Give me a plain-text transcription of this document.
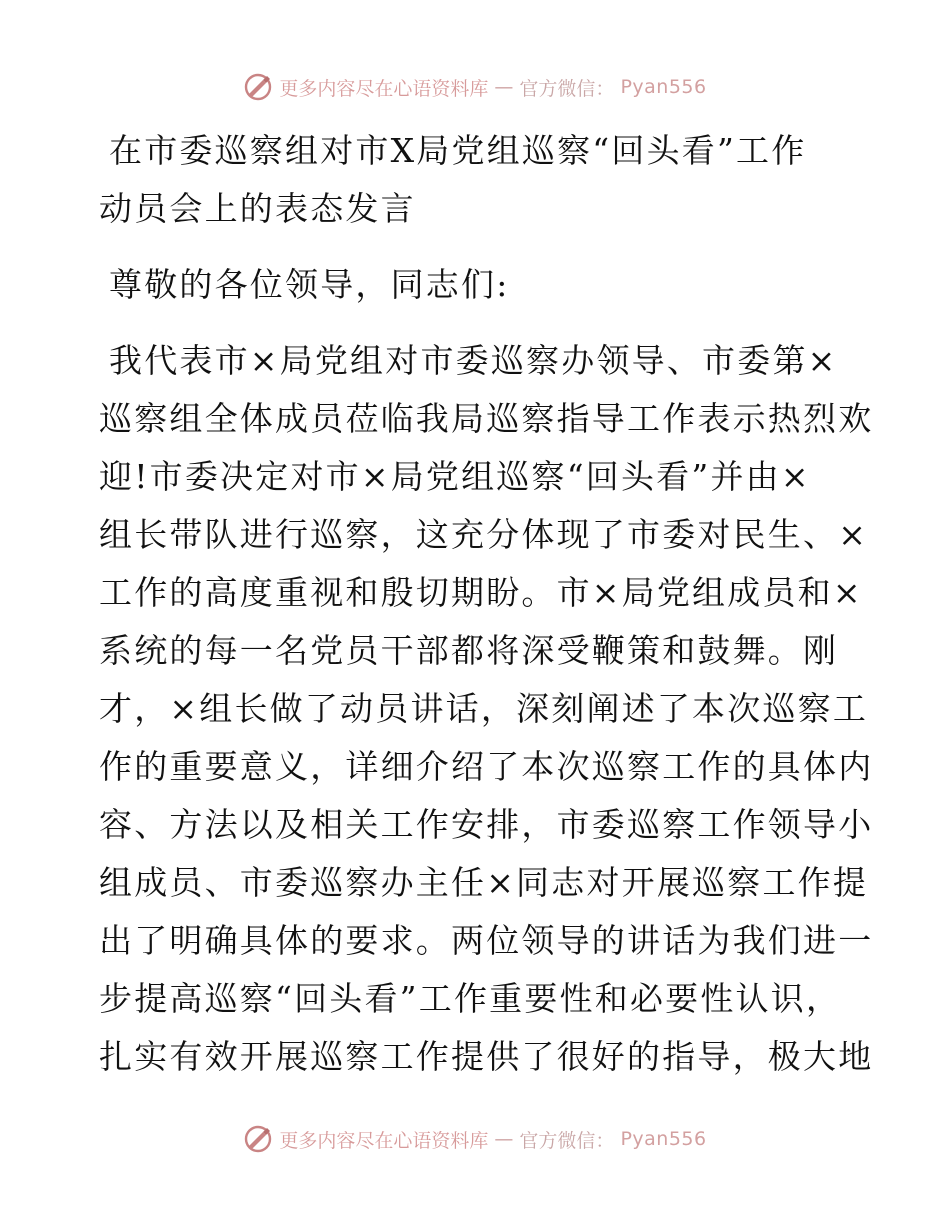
更多内容尽在心语资料库 — 官方微信： Pyan556
在市委巡察组对市X局党组巡察“回头看”工作
动员会上的表态发言
尊敬的各位领导，同志们:
我代表市×局党组对市委巡察办领导、市委第×
巡察组全体成员莅临我局巡察指导工作表示热烈欢
迎!市委决定对市×局党组巡察“回头看”并由×
组长带队进行巡察，这充分体现了市委对民生、×
工作的高度重视和殷切期盼。市×局党组成员和×
系统的每一名党员干部都将深受鞭策和鼓舞。刚
才，×组长做了动员讲话，深刻阐述了本次巡察工
作的重要意义，详细介绍了本次巡察工作的具体内
容、方法以及相关工作安排，市委巡察工作领导小
组成员、市委巡察办主任×同志对开展巡察工作提
出了明确具体的要求。两位领导的讲话为我们进一
步提高巡察“回头看”工作重要性和必要性认识，
扎实有效开展巡察工作提供了很好的指导，极大地
更多内容尽在心语资料库 — 官方微信： Pyan556
